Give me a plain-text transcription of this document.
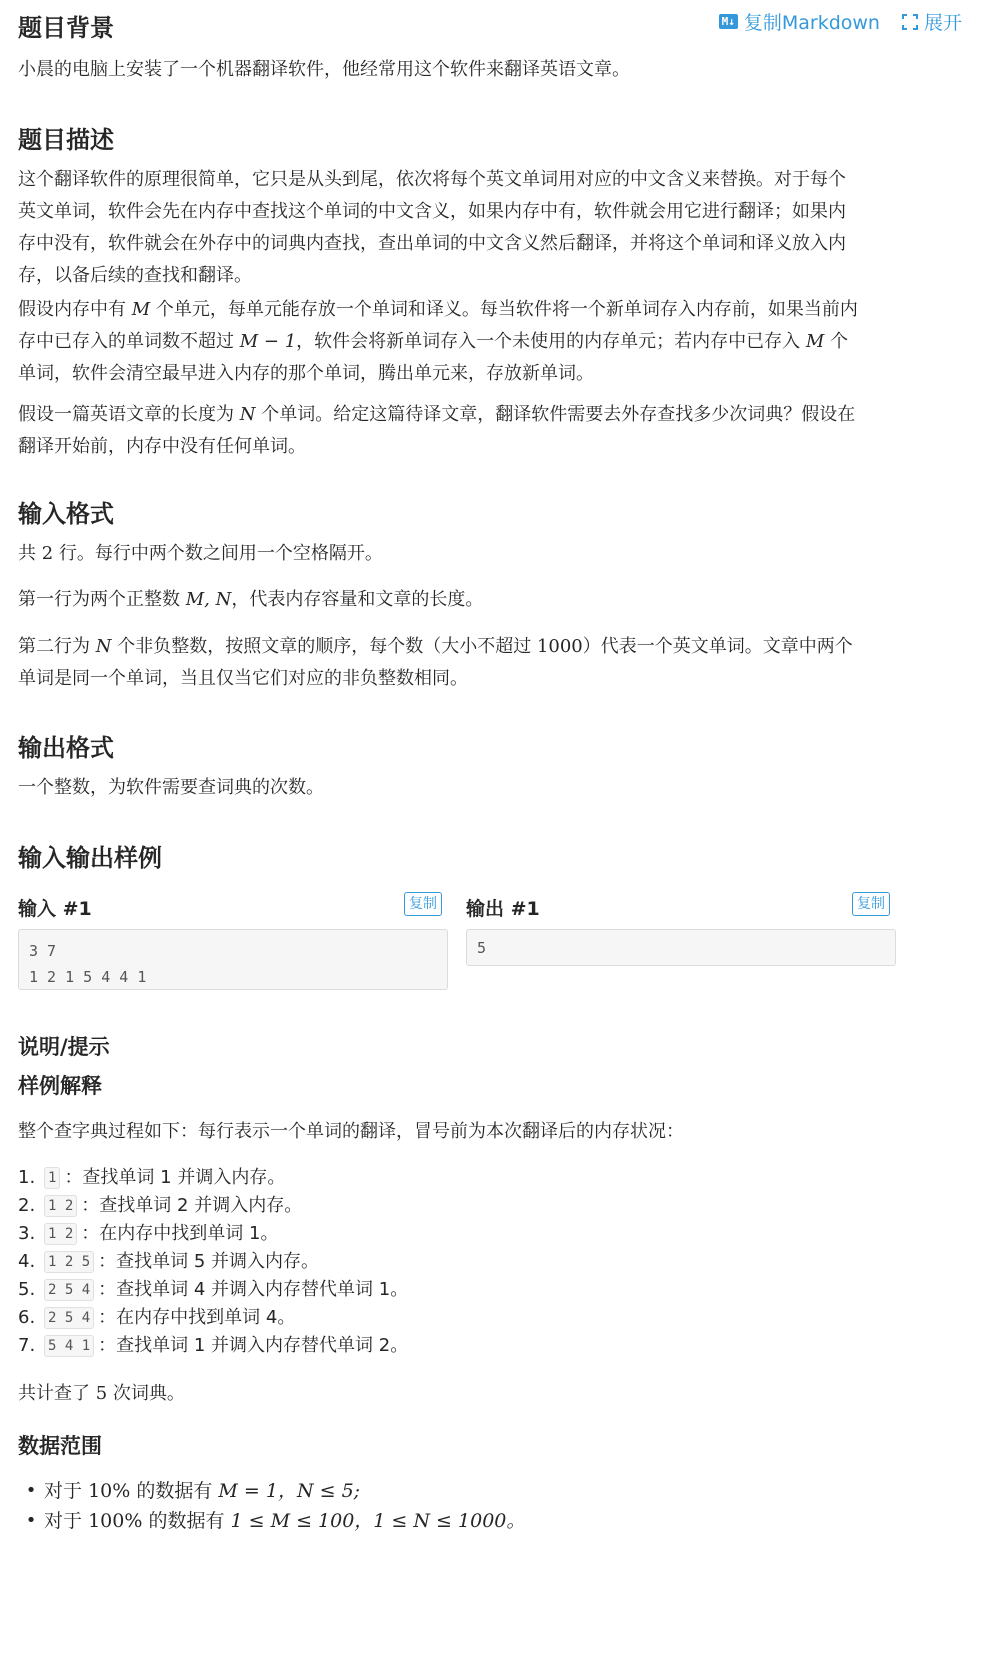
M↓ 复制Markdown 展开
题目背景

小晨的电脑上安装了一个机器翻译软件，他经常用这个软件来翻译英语文章。

题目描述
这个翻译软件的原理很简单，它只是从头到尾，依次将每个英文单词用对应的中文含义来替换。对于每个
英文单词，软件会先在内存中查找这个单词的中文含义，如果内存中有，软件就会用它进行翻译；如果内
存中没有，软件就会在外存中的词典内查找，查出单词的中文含义然后翻译，并将这个单词和译义放入内
存，以备后续的查找和翻译。
假设内存中有 M 个单元，每单元能存放一个单词和译义。每当软件将一个新单词存入内存前，如果当前内
存中已存入的单词数不超过 M − 1，软件会将新单词存入一个未使用的内存单元；若内存中已存入 M 个
单词，软件会清空最早进入内存的那个单词，腾出单元来，存放新单词。
假设一篇英语文章的长度为 N 个单词。给定这篇待译文章，翻译软件需要去外存查找多少次词典？假设在
翻译开始前，内存中没有任何单词。
输入格式
共 2 行。每行中两个数之间用一个空格隔开。
第一行为两个正整数 M, N，代表内存容量和文章的长度。
第二行为 N 个非负整数，按照文章的顺序，每个数（大小不超过 1000）代表一个英文单词。文章中两个
单词是同一个单词，当且仅当它们对应的非负整数相同。
输出格式

一个整数，为软件需要查词典的次数。

输入输出样例
输入 #1	复制
3 7
1 2 1 5 4 4 1
输出 #1	复制
5
说明/提示
样例解释

整个查字典过程如下：每行表示一个单词的翻译，冒号前为本次翻译后的内存状况：

1. 1 ：查找单词 1 并调入内存。
2. 1 2 ：查找单词 2 并调入内存。
3. 1 2 ：在内存中找到单词 1。
4. 1 2 5 ：查找单词 5 并调入内存。
5. 2 5 4 ：查找单词 4 并调入内存替代单词 1。
6. 2 5 4 ：在内存中找到单词 4。
7. 5 4 1 ：查找单词 1 并调入内存替代单词 2。
共计查了 5 次词典。
数据范围
• 对于
10%
的数据有
M = 1，N ≤ 5;
• 对于
100%
的数据有
1 ≤ M ≤ 100，1 ≤ N ≤ 1000。
